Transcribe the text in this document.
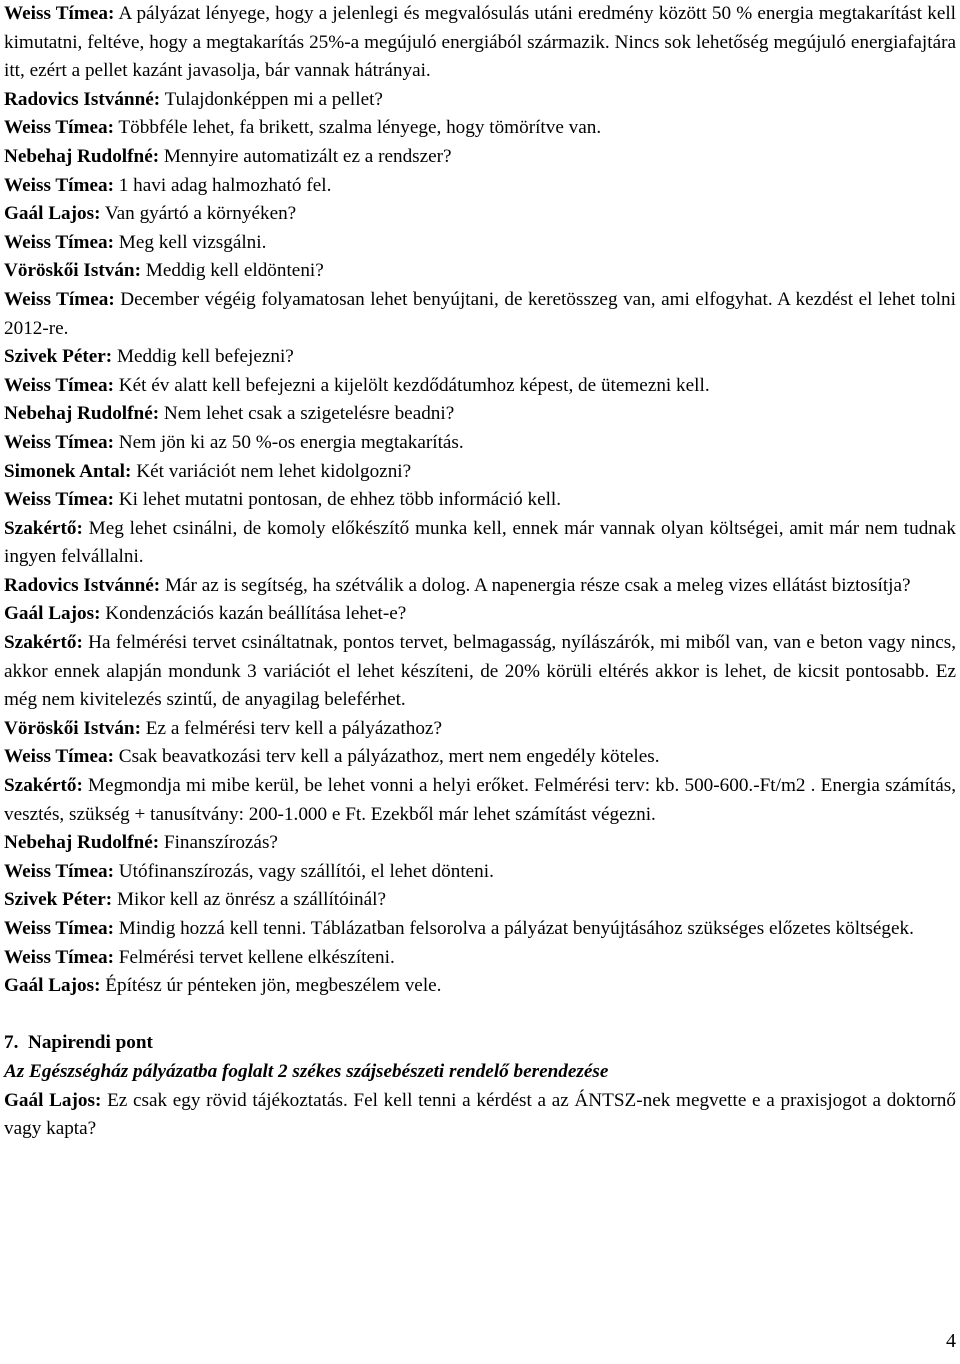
Weiss Tímea: A pályázat lényege, hogy a jelenlegi és megvalósulás utáni eredmény között 50 % energia megtakarítást kell kimutatni, feltéve, hogy a megtakarítás 25%-a megújuló energiából származik. Nincs sok lehetőség megújuló energiafajtára itt, ezért a pellet kazánt javasolja, bár vannak hátrányai.

Radovics Istvánné: Tulajdonképpen mi a pellet?

Weiss Tímea: Többféle lehet, fa brikett, szalma lényege, hogy tömörítve van.

Nebehaj Rudolfné: Mennyire automatizált ez a rendszer?

Weiss Tímea: 1 havi adag halmozható fel.

Gaál Lajos: Van gyártó a környéken?

Weiss Tímea: Meg kell vizsgálni.

Vöröskői István: Meddig kell eldönteni?

Weiss Tímea: December végéig folyamatosan lehet benyújtani, de keretösszeg van, ami elfogyhat. A kezdést el lehet tolni 2012-re.

Szivek Péter: Meddig kell befejezni?

Weiss Tímea: Két év alatt kell befejezni a kijelölt kezdődátumhoz képest, de ütemezni kell.

Nebehaj Rudolfné: Nem lehet csak a szigetelésre beadni?

Weiss Tímea: Nem jön ki az 50 %-os energia megtakarítás.

Simonek Antal: Két variációt nem lehet kidolgozni?

Weiss Tímea: Ki lehet mutatni pontosan, de ehhez több információ kell.

Szakértő: Meg lehet csinálni, de komoly előkészítő munka kell, ennek már vannak olyan költségei, amit már nem tudnak ingyen felvállalni.

Radovics Istvánné: Már az is segítség, ha szétválik a dolog. A napenergia része csak a meleg vizes ellátást biztosítja?

Gaál Lajos: Kondenzációs kazán beállítása lehet-e?

Szakértő: Ha felmérési tervet csináltatnak, pontos tervet, belmagasság, nyílászárók, mi miből van, van e beton vagy nincs, akkor ennek alapján mondunk 3 variációt el lehet készíteni, de 20% körüli eltérés akkor is lehet, de kicsit pontosabb. Ez még nem kivitelezés szintű, de anyagilag beleférhet.

Vöröskői István: Ez a felmérési terv kell a pályázathoz?

Weiss Tímea: Csak beavatkozási terv kell a pályázathoz, mert nem engedély köteles.

Szakértő: Megmondja mi mibe kerül, be lehet vonni a helyi erőket. Felmérési terv: kb. 500-600.-Ft/m2 . Energia számítás, vesztés, szükség + tanusítvány: 200-1.000 e Ft. Ezekből már lehet számítást végezni.

Nebehaj Rudolfné: Finanszírozás?

Weiss Tímea: Utófinanszírozás, vagy szállítói, el lehet dönteni.

Szivek Péter: Mikor kell az önrész a szállítóinál?

Weiss Tímea: Mindig hozzá kell tenni. Táblázatban felsorolva a pályázat benyújtásához szükséges előzetes költségek.

Weiss Tímea: Felmérési tervet kellene elkészíteni.

Gaál Lajos: Építész úr pénteken jön, megbeszélem vele.

7. Napirendi pont
Az Egészségház pályázatba foglalt 2 székes szájsebészeti rendelő berendezése

Gaál Lajos: Ez csak egy rövid tájékoztatás. Fel kell tenni a kérdést a az ÁNTSZ-nek megvette e a praxisjogot a doktornő vagy kapta?

4
